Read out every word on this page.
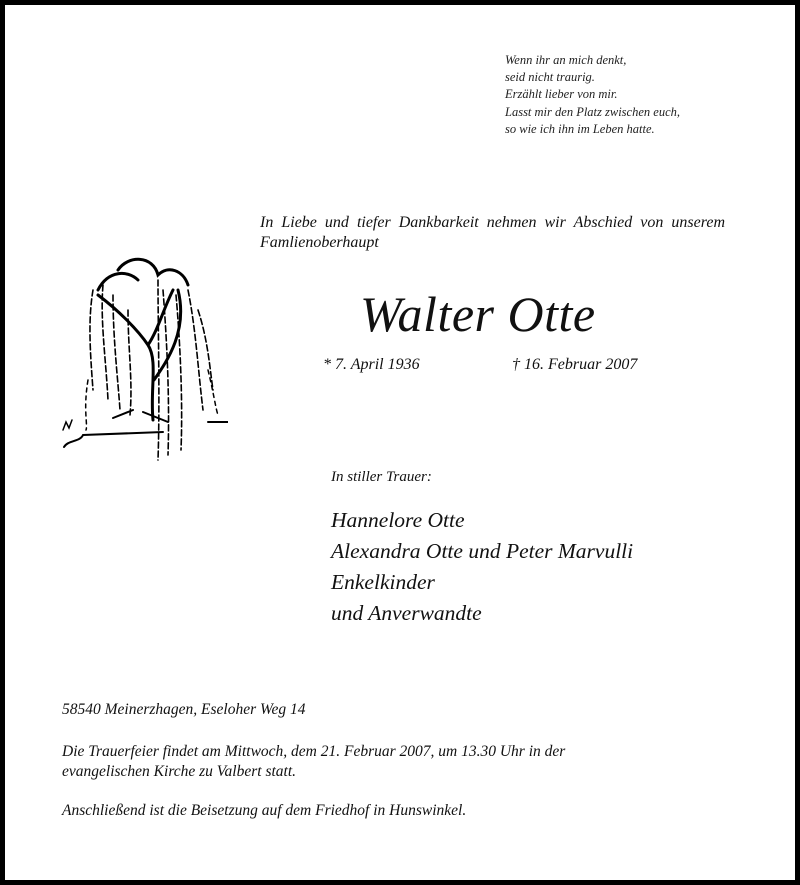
Wenn ihr an mich denkt,
seid nicht traurig.
Erzählt lieber von mir.
Lasst mir den Platz zwischen euch,
so wie ich ihn im Leben hatte.
In Liebe und tiefer Dankbarkeit nehmen wir Abschied von unserem Famlienoberhaupt
Walter Otte
* 7. April 1936	† 16. Februar 2007
In stiller Trauer:
Hannelore Otte
Alexandra Otte und Peter Marvulli
Enkelkinder
und Anverwandte
58540 Meinerzhagen, Eseloher Weg 14
Die Trauerfeier findet am Mittwoch, dem 21. Februar 2007, um 13.30 Uhr in der
evangelischen Kirche zu Valbert statt.
Anschließend ist die Beisetzung auf dem Friedhof in Hunswinkel.
